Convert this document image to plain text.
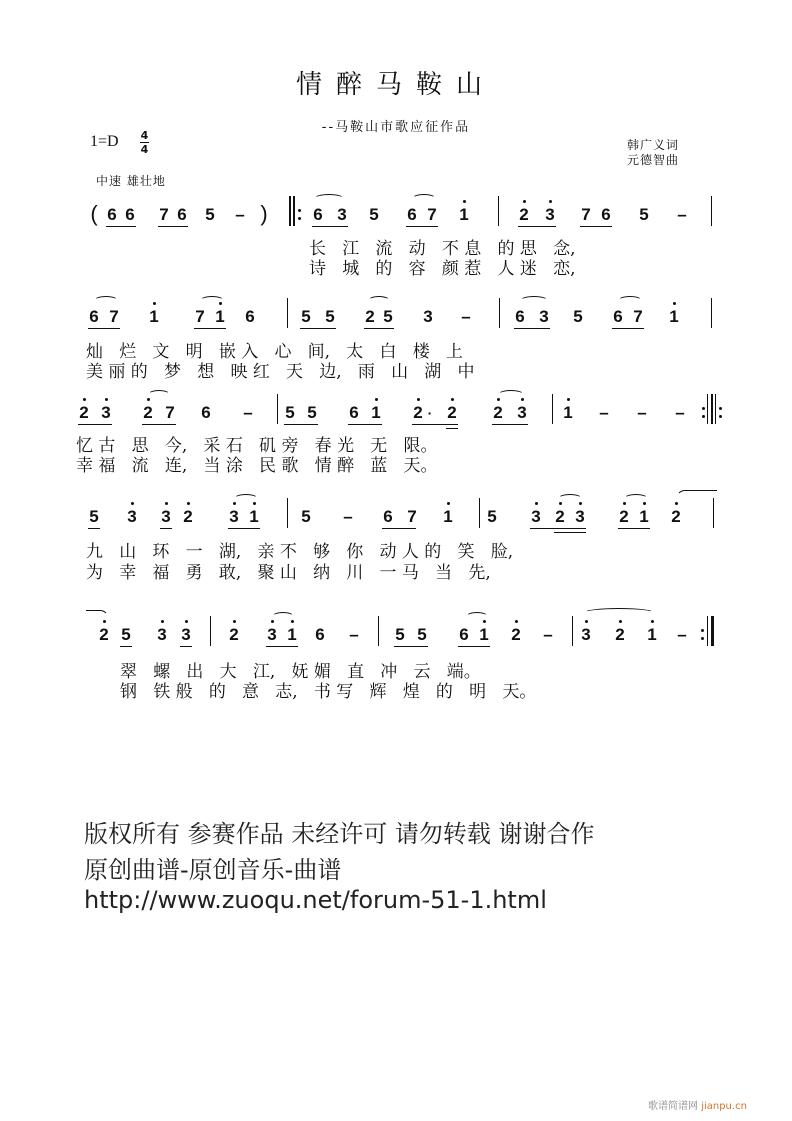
情醉马鞍山
--马鞍山市歌应征作品
1=D 4
4	韩广义词
元德智曲
中速 雄壮地
( 6 6 7 6 5 – )	6 3 5 6 7 1	2 3 7 6 5 –
长   江   流   动   不 息   的 思   念,
诗   城   的   容   颜 惹   人 迷   恋,
6 7 1 7 1 6	5 5 2 5 3 –	6 3 5 6 7 1
灿   烂   文   明   嵌 入   心   间,   太   白   楼   上
美 丽 的   梦   想   映 红   天   边,   雨   山   湖   中
2 3 2 7 6 – 5 5 6 1 2 · 2 2 3 1 – – –
忆 古   思   今,   采 石   矶 旁   春 光   无   限。
幸 福   流   连,   当 涂   民 歌   情 醉   蓝   天。
5 3 3 2 3 1	5 – 6 7 1 5 3 2 3 2 1 2
九   山   环   一   湖,   亲 不   够   你   动 人 的   笑   脸,
为   幸   福   勇   敢,   聚 山   纳   川   一 马   当   先,
2 5 3 3 2 3 1 6 – 5 5 6 1 2 – 3 2 1 –
翠   螺   出   大   江,   妩 媚   直   冲   云   端。
钢   铁 般   的   意   志,   书 写   辉   煌   的   明   天。
版权所有 参赛作品 未经许可 请勿转载 谢谢合作
原创曲谱-原创音乐-曲谱
http://www.zuoqu.net/forum-51-1.html
歌谱简谱网 jianpu.cn
